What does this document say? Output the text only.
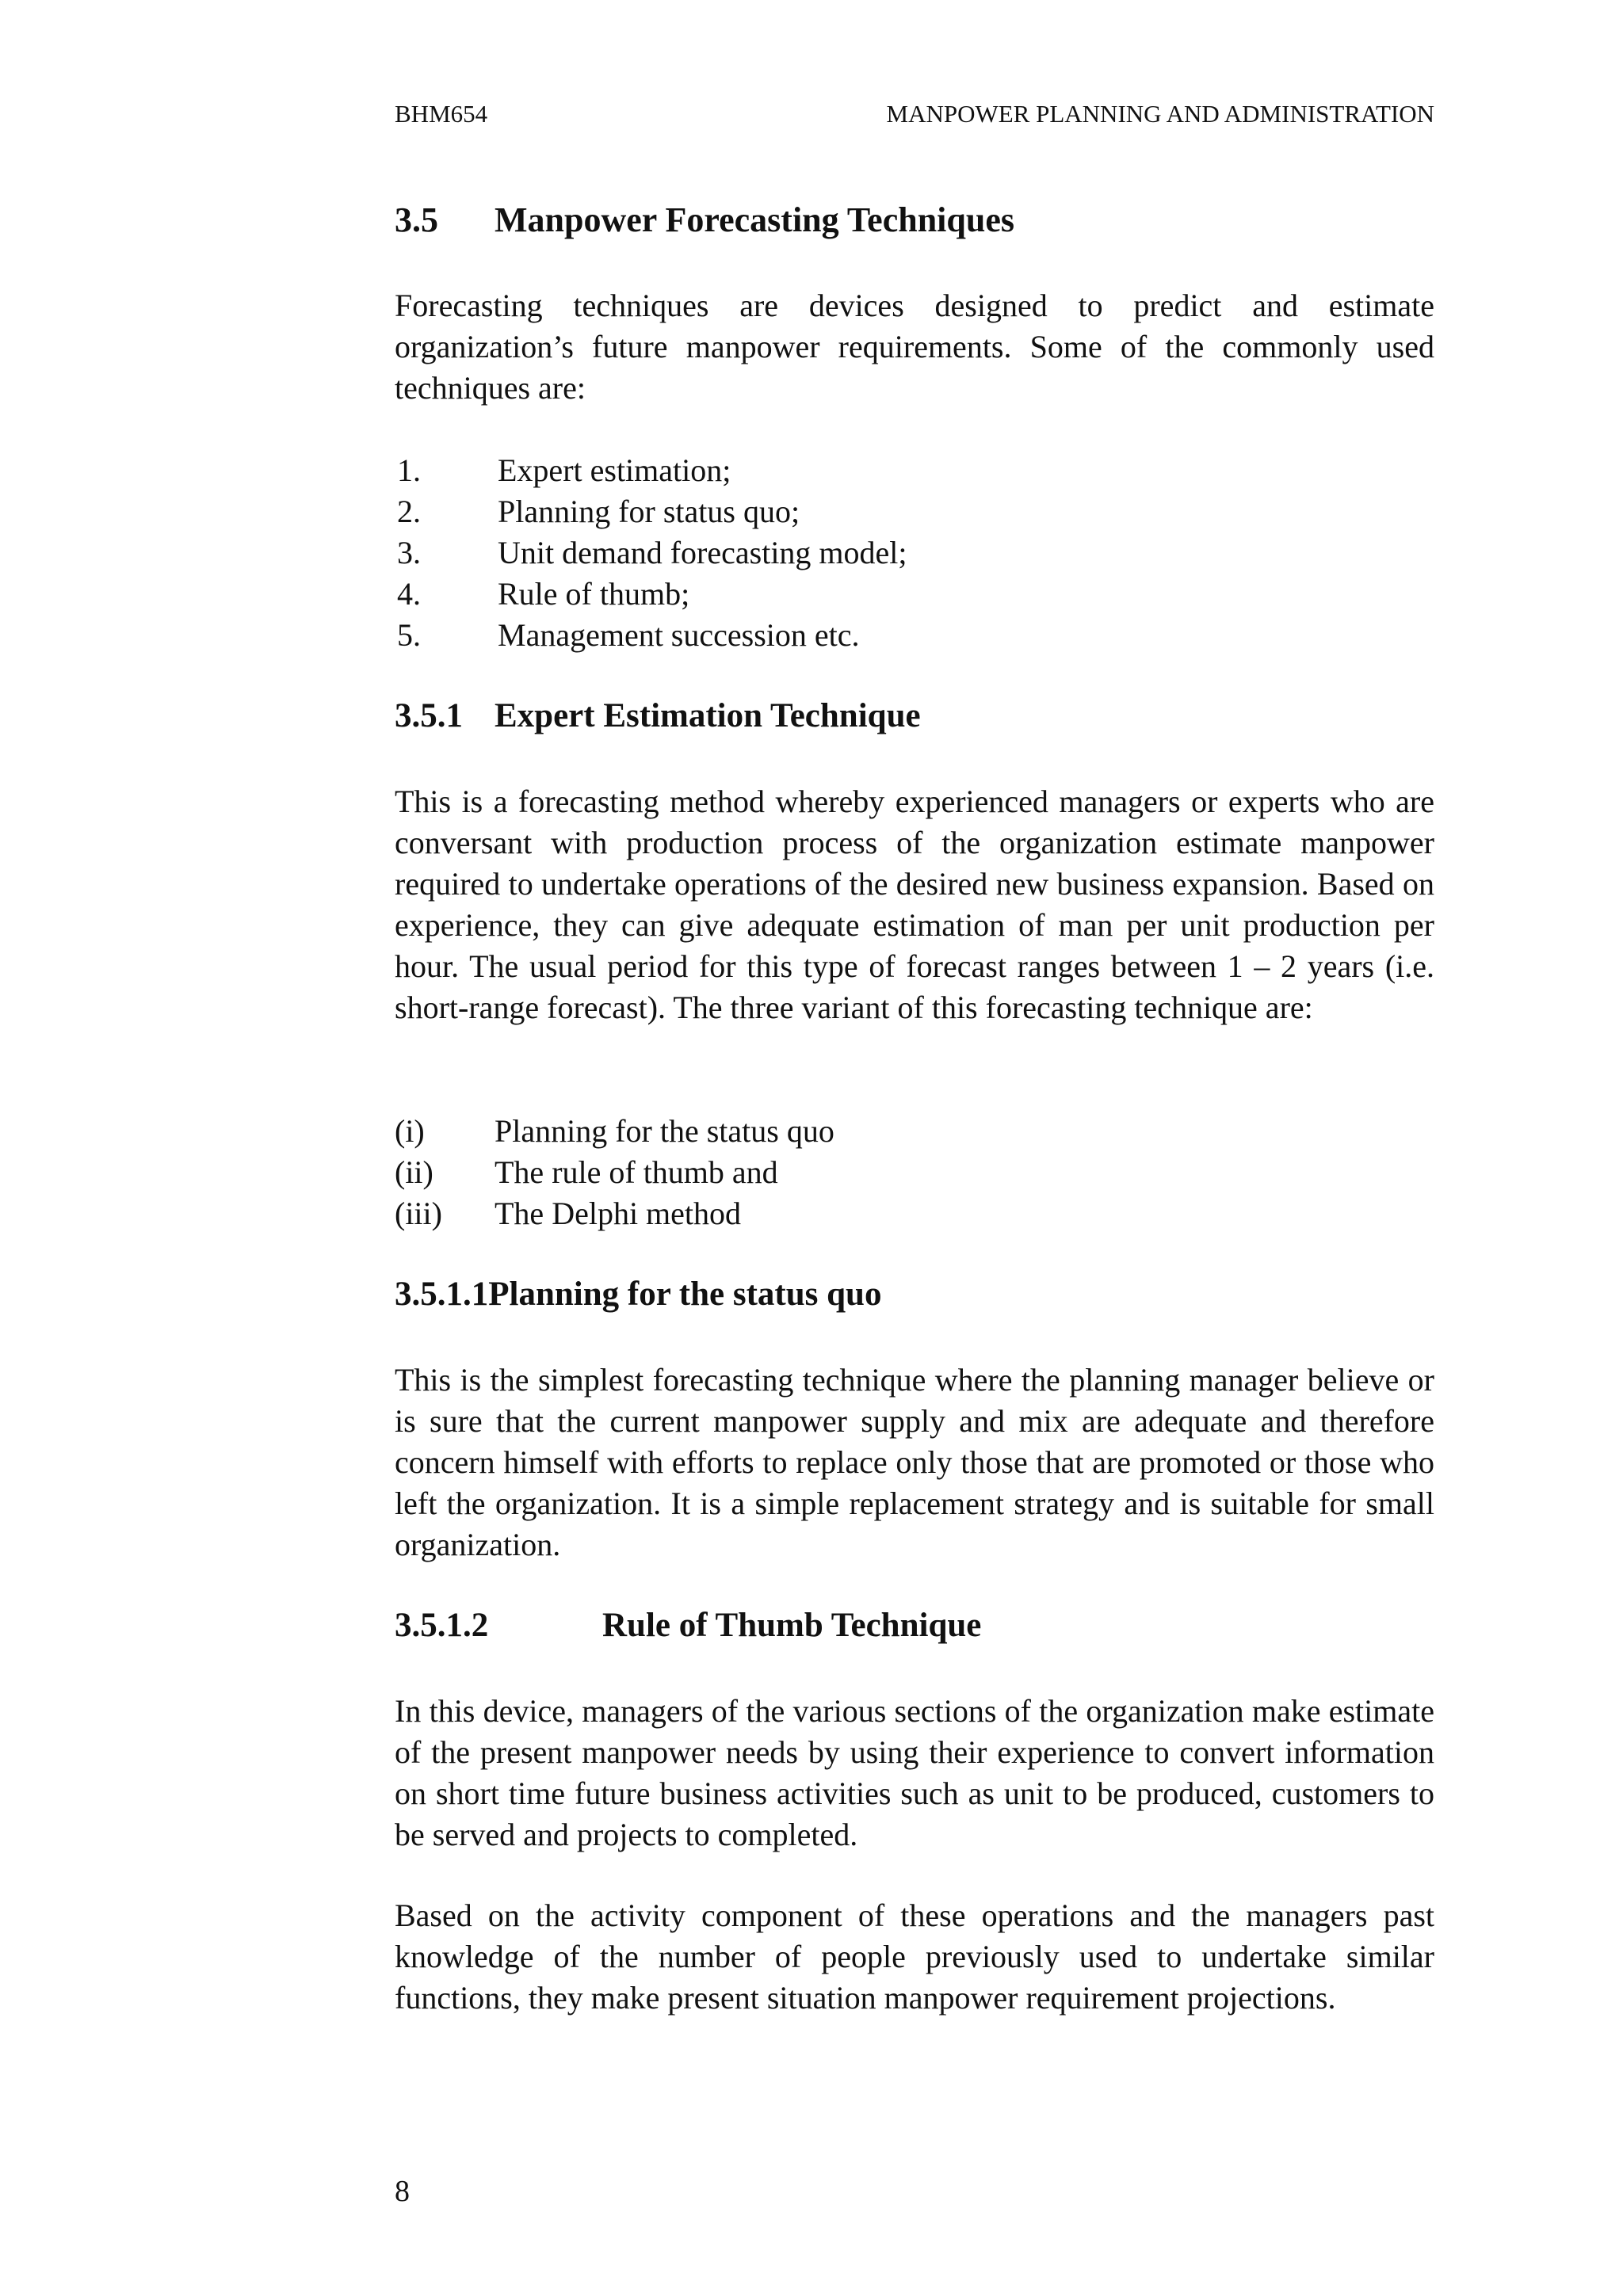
BHM654	MANPOWER PLANNING AND ADMINISTRATION
3.5 Manpower Forecasting Techniques

Forecasting techniques are devices designed to predict and estimate organization’s future manpower requirements. Some of the commonly used techniques are:

1. Expert estimation;
2. Planning for status quo;
3. Unit demand forecasting model;
4. Rule of thumb;
5. Management succession etc.
3.5.1 Expert Estimation Technique

This is a forecasting method whereby experienced managers or experts who are conversant with production process of the organization estimate manpower required to undertake operations of the desired new business expansion. Based on experience, they can give adequate estimation of man per unit production per hour. The usual period for this type of forecast ranges between 1 – 2 years (i.e. short-range forecast). The three variant of this forecasting technique are:

(i) Planning for the status quo
(ii) The rule of thumb and
(iii) The Delphi method
3.5.1.1Planning for the status quo

This is the simplest forecasting technique where the planning manager believe or is sure that the current manpower supply and mix are adequate and therefore concern himself with efforts to replace only those that are promoted or those who left the organization. It is a simple replacement strategy and is suitable for small organization.

3.5.1.2	Rule of Thumb Technique

In this device, managers of the various sections of the organization make estimate of the present manpower needs by using their experience to convert information on short time future business activities such as unit to be produced, customers to be served and projects to completed.

Based on the activity component of these operations and the managers past knowledge of the number of people previously used to undertake similar functions, they make present situation manpower requirement projections.

8
